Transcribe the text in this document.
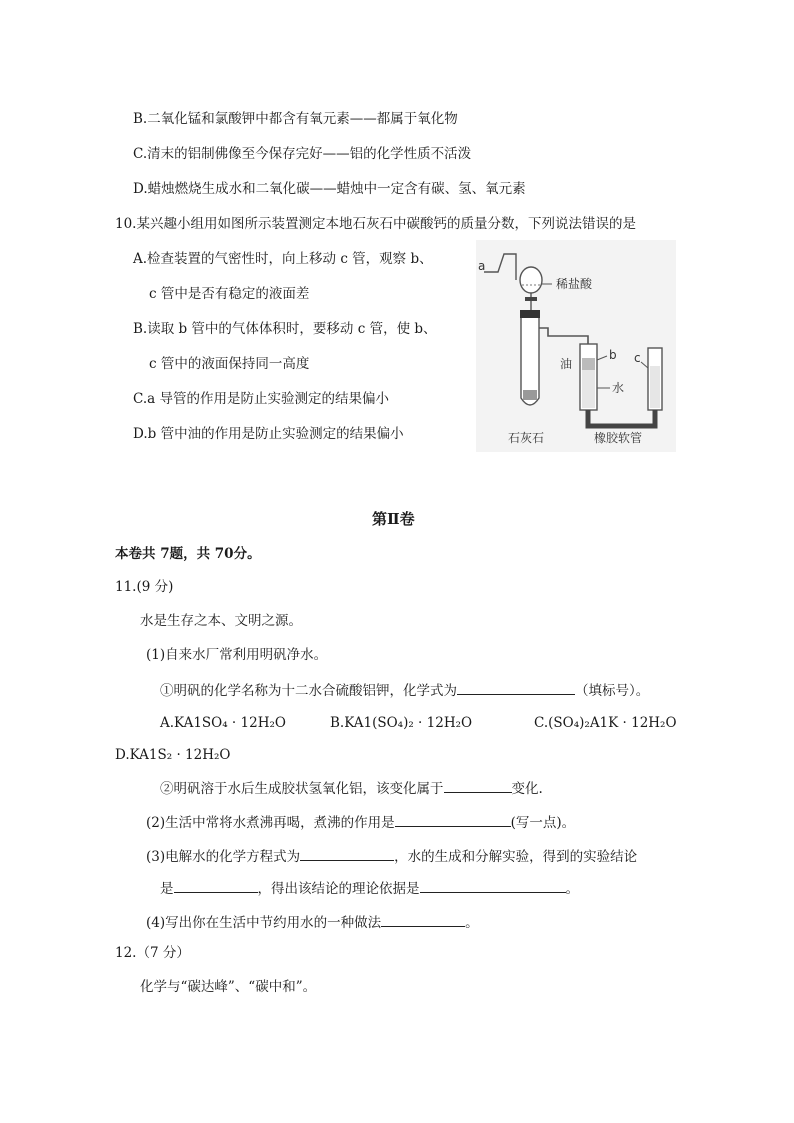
B.二氧化锰和氯酸钾中都含有氧元素——都属于氧化物
C.清末的铝制佛像至今保存完好——铝的化学性质不活泼
D.蜡烛燃烧生成水和二氧化碳——蜡烛中一定含有碳、氢、氧元素
10.某兴趣小组用如图所示装置测定本地石灰石中碳酸钙的质量分数，下列说法错误的是
A.检查装置的气密性时，向上移动 c 管，观察 b、
c 管中是否有稳定的液面差
B.读取 b 管中的气体体积时，要移动 c 管，使 b、
c 管中的液面保持同一高度
C.a 导管的作用是防止实验测定的结果偏小
D.b 管中油的作用是防止实验测定的结果偏小
a
稀盐酸
油
b c
水
石灰石	橡胶软管
第Ⅱ卷
本卷共 7题，共 70分。
11.(9 分)
水是生存之本、文明之源。
(1)自来水厂常利用明矾净水。
①明矾的化学名称为十二水合硫酸铝钾，化学式为	（填标号）。
A.KA1SO₄ · 12H₂O	B.KA1(SO₄)₂ · 12H₂O	C.(SO₄)₂A1K · 12H₂O
D.KA1S₂ · 12H₂O
②明矾溶于水后生成胶状氢氧化铝，该变化属于	变化.
(2)生活中常将水煮沸再喝，煮沸的作用是	(写一点)。
(3)电解水的化学方程式为	，水的生成和分解实验，得到的实验结论
是	，得出该结论的理论依据是	。
(4)写出你在生活中节约用水的一种做法	。
12.（7 分）
化学与“碳达峰”、“碳中和”。
